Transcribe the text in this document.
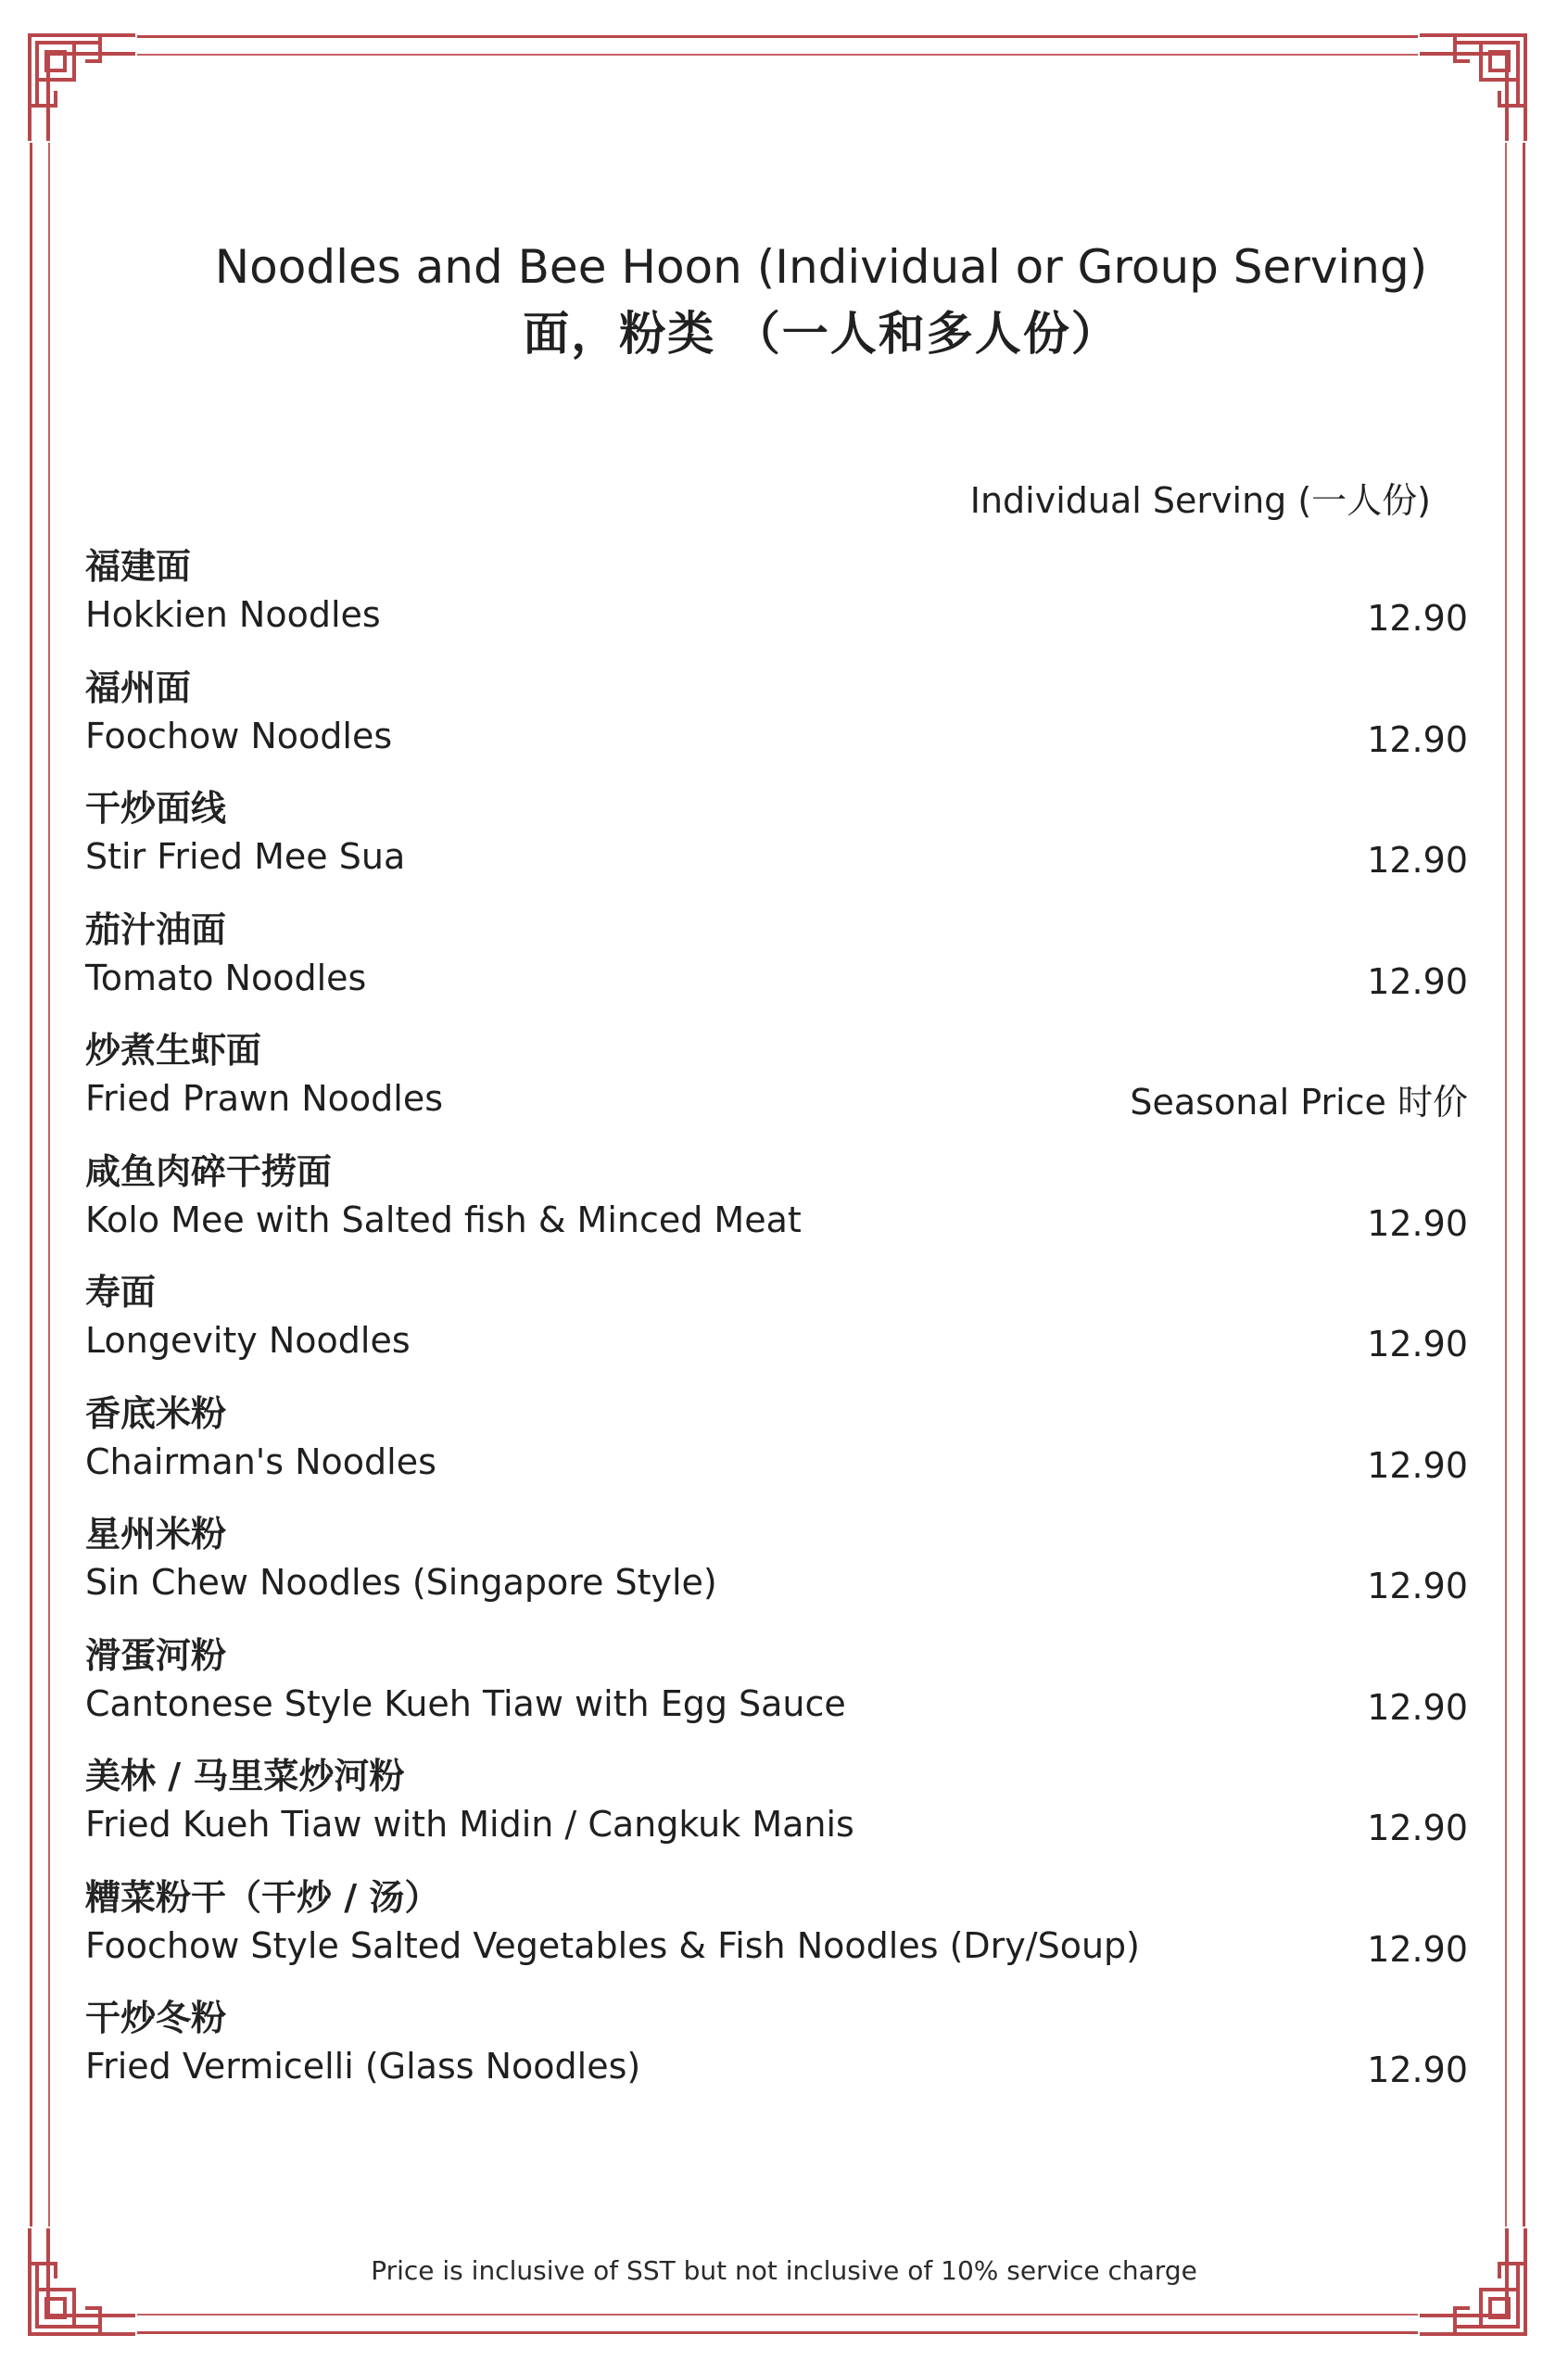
Noodles and Bee Hoon (Individual or Group Serving)
面，粉类 （一人和多人份）
Individual Serving (一人份)
福建面
Hokkien Noodles	12.90
福州面
Foochow Noodles	12.90
干炒面线
Stir Fried Mee Sua	12.90
茄汁油面
Tomato Noodles	12.90
炒煮生虾面
Fried Prawn Noodles	Seasonal Price 时价
咸鱼肉碎干捞面
Kolo Mee with Salted fish & Minced Meat	12.90
寿面
Longevity Noodles	12.90
香底米粉
Chairman's Noodles	12.90
星州米粉
Sin Chew Noodles (Singapore Style)	12.90
滑蛋河粉
Cantonese Style Kueh Tiaw with Egg Sauce	12.90
美林 / 马里菜炒河粉
Fried Kueh Tiaw with Midin / Cangkuk Manis	12.90
糟菜粉干（干炒 / 汤）
Foochow Style Salted Vegetables & Fish Noodles (Dry/Soup)	12.90
干炒冬粉
Fried Vermicelli (Glass Noodles)	12.90
Price is inclusive of SST but not inclusive of 10% service charge
